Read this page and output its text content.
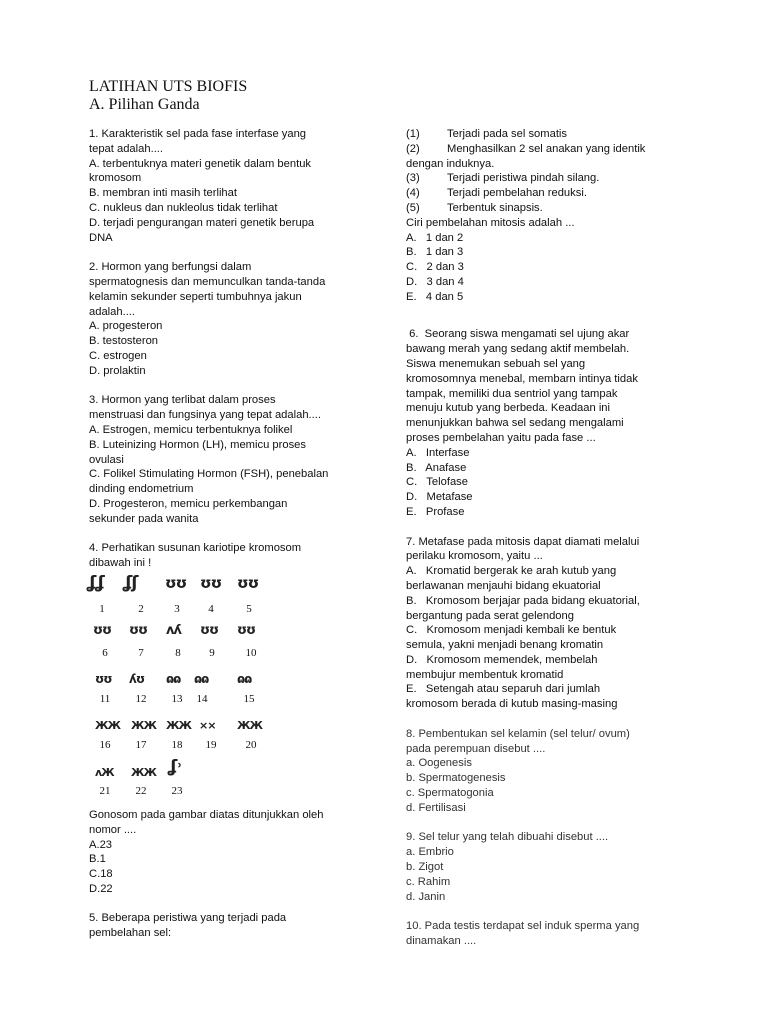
LATIHAN UTS BIOFIS
A. Pilihan Ganda
1. Karakteristik sel pada fase interfase yang
tepat adalah....
A. terbentuknya materi genetik dalam bentuk
kromosom
B. membran inti masih terlihat
C. nukleus dan nukleolus tidak terlihat
D. terjadi pengurangan materi genetik berupa
DNA
2. Hormon yang berfungsi dalam
spermatognesis dan memunculkan tanda-tanda
kelamin sekunder seperti tumbuhnya jakun
adalah....
A. progesteron
B. testosteron
C. estrogen
D. prolaktin
3. Hormon yang terlibat dalam proses
menstruasi dan fungsinya yang tepat adalah....
A. Estrogen, memicu terbentuknya folikel
B. Luteinizing Hormon (LH), memicu proses
ovulasi
C. Folikel Stimulating Hormon (FSH), penebalan
dinding endometrium
D. Progesteron, memicu perkembangan
sekunder pada wanita
4. Perhatikan susunan kariotipe kromosom
dibawah ini !
ʆʆ ʆʃ ʊʊ ʊʊ ʊʊ
1	2	3	4	5
ʊʊ ʊʊ ʌʎ ʊʊ ʊʊ
6	7	8	9	10
ʊʊ ʎʊ ɷɷ ɷɷ ɷɷ
11	12	13	14	15
ЖЖ ЖЖ ЖЖ ×× ЖЖ
16	17	18	19	20
ʌЖ ЖЖ ʆ˒
21	22	23
Gonosom pada gambar diatas ditunjukkan oleh
nomor ....
A.23
B.1
C.18
D.22
5. Beberapa peristiwa yang terjadi pada
pembelahan sel:
(1) Terjadi pada sel somatis
(2) Menghasilkan 2 sel anakan yang identik
dengan induknya.
(3) Terjadi peristiwa pindah silang.
(4) Terjadi pembelahan reduksi.
(5) Terbentuk sinapsis.
Ciri pembelahan mitosis adalah ...
A.   1 dan 2
B.   1 dan 3
C.   2 dan 3
D.   3 dan 4
E.   4 dan 5
6.  Seorang siswa mengamati sel ujung akar
bawang merah yang sedang aktif membelah.
Siswa menemukan sebuah sel yang
kromosomnya menebal, membarn intinya tidak
tampak, memiliki dua sentriol yang tampak
menuju kutub yang berbeda. Keadaan ini
menunjukkan bahwa sel sedang mengalami
proses pembelahan yaitu pada fase ...
A.   Interfase
B.   Anafase
C.   Telofase
D.   Metafase
E.   Profase
7. Metafase pada mitosis dapat diamati melalui
perilaku kromosom, yaitu ...
A.   Kromatid bergerak ke arah kutub yang
berlawanan menjauhi bidang ekuatorial
B.   Kromosom berjajar pada bidang ekuatorial,
bergantung pada serat gelendong
C.   Kromosom menjadi kembali ke bentuk
semula, yakni menjadi benang kromatin
D.   Kromosom memendek, membelah
membujur membentuk kromatid
E.   Setengah atau separuh dari jumlah
kromosom berada di kutub masing-masing
8. Pembentukan sel kelamin (sel telur/ ovum)
pada perempuan disebut ....
a. Oogenesis
b. Spermatogenesis
c. Spermatogonia
d. Fertilisasi
9. Sel telur yang telah dibuahi disebut ....
a. Embrio
b. Zigot
c. Rahim
d. Janin
10. Pada testis terdapat sel induk sperma yang
dinamakan ....
